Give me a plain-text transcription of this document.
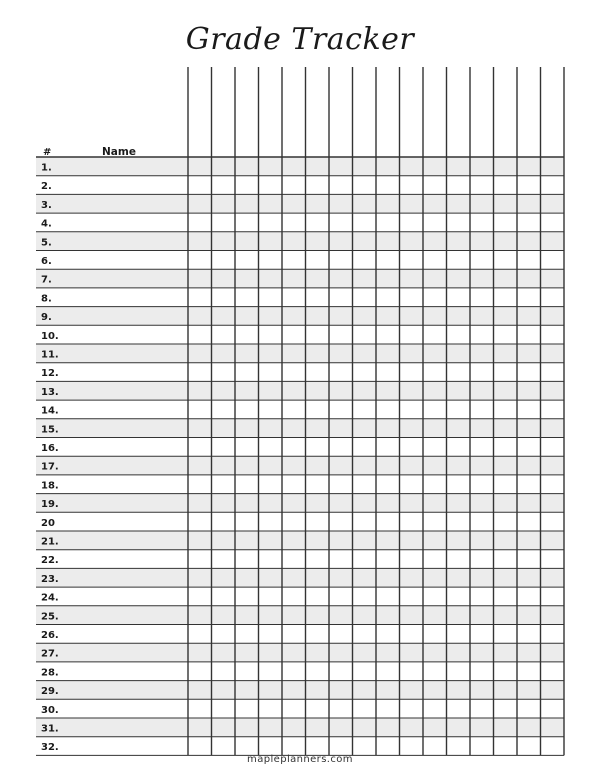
Grade Tracker
#	Name
1.
2.
3.
4.
5.
6.
7.
8.
9.
10.
11.
12.
13.
14.
15.
16.
17.
18.
19.
20
21.
22.
23.
24.
25.
26.
27.
28.
29.
30.
31.
32.
mapleplanners.com
